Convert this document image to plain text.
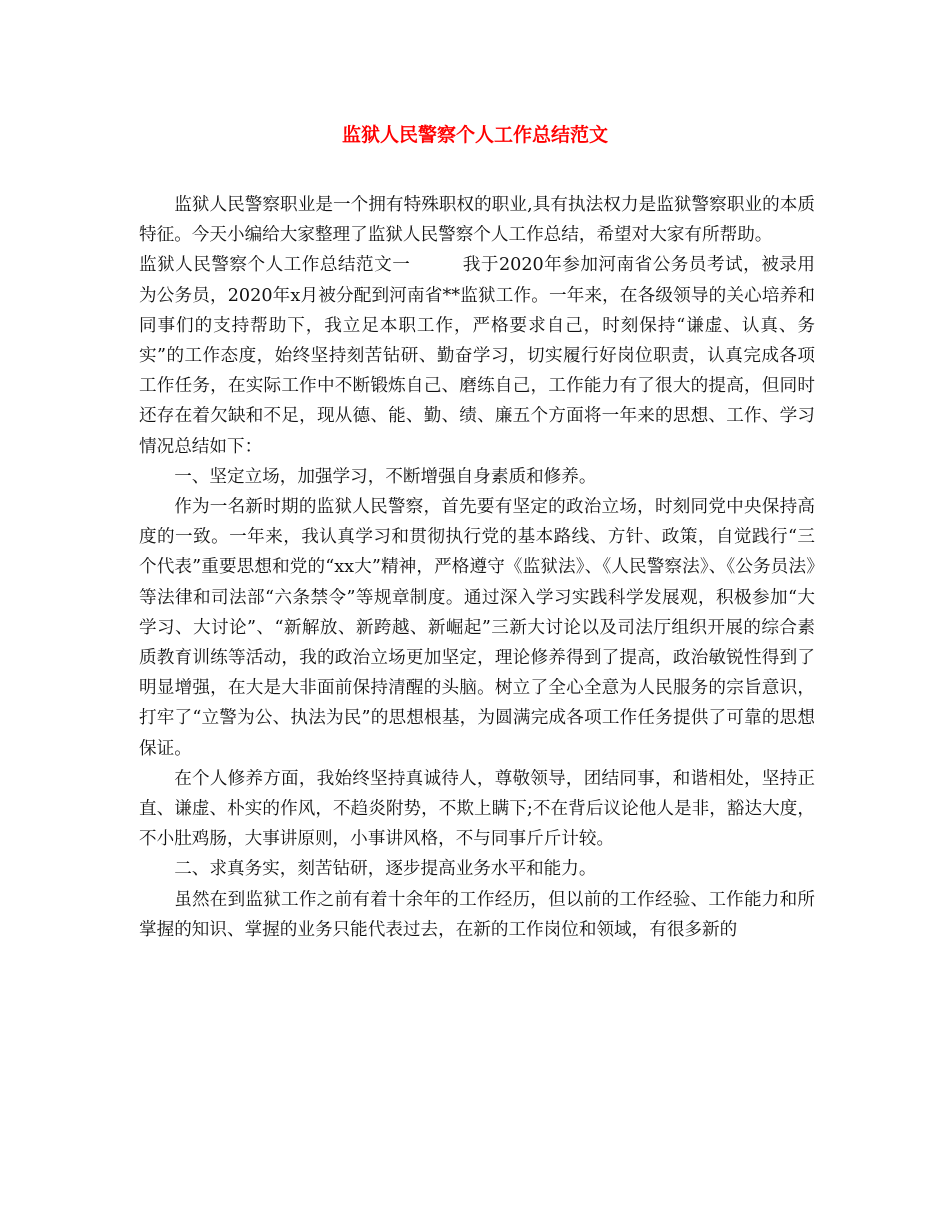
监狱人民警察个人工作总结范文

监狱人民警察职业是一个拥有特殊职权的职业,具有执法权力是监狱警察职业的本质特征。今天小编给大家整理了监狱人民警察个人工作总结，希望对大家有所帮助。

监狱人民警察个人工作总结范文一	我于2020年参加河南省公务员考试，被录用为公务员，2020年x月被分配到河南省**监狱工作。一年来，在各级领导的关心培养和同事们的支持帮助下，我立足本职工作，严格要求自己，时刻保持“谦虚、认真、务实”的工作态度，始终坚持刻苦钻研、勤奋学习，切实履行好岗位职责，认真完成各项工作任务，在实际工作中不断锻炼自己、磨练自己，工作能力有了很大的提高，但同时还存在着欠缺和不足，现从德、能、勤、绩、廉五个方面将一年来的思想、工作、学习情况总结如下：

一、坚定立场，加强学习，不断增强自身素质和修养。

作为一名新时期的监狱人民警察，首先要有坚定的政治立场，时刻同党中央保持高度的一致。一年来，我认真学习和贯彻执行党的基本路线、方针、政策，自觉践行“三个代表”重要思想和党的“xx大”精神，严格遵守《监狱法》、《人民警察法》、《公务员法》等法律和司法部“六条禁令”等规章制度。通过深入学习实践科学发展观，积极参加“大学习、大讨论”、“新解放、新跨越、新崛起”三新大讨论以及司法厅组织开展的综合素质教育训练等活动，我的政治立场更加坚定，理论修养得到了提高，政治敏锐性得到了明显增强，在大是大非面前保持清醒的头脑。树立了全心全意为人民服务的宗旨意识，打牢了“立警为公、执法为民”的思想根基，为圆满完成各项工作任务提供了可靠的思想保证。

在个人修养方面，我始终坚持真诚待人，尊敬领导，团结同事，和谐相处，坚持正直、谦虚、朴实的作风，不趋炎附势，不欺上瞒下;不在背后议论他人是非，豁达大度，不小肚鸡肠，大事讲原则，小事讲风格，不与同事斤斤计较。

二、求真务实，刻苦钻研，逐步提高业务水平和能力。

虽然在到监狱工作之前有着十余年的工作经历，但以前的工作经验、工作能力和所掌握的知识、掌握的业务只能代表过去，在新的工作岗位和领域，有很多新的
